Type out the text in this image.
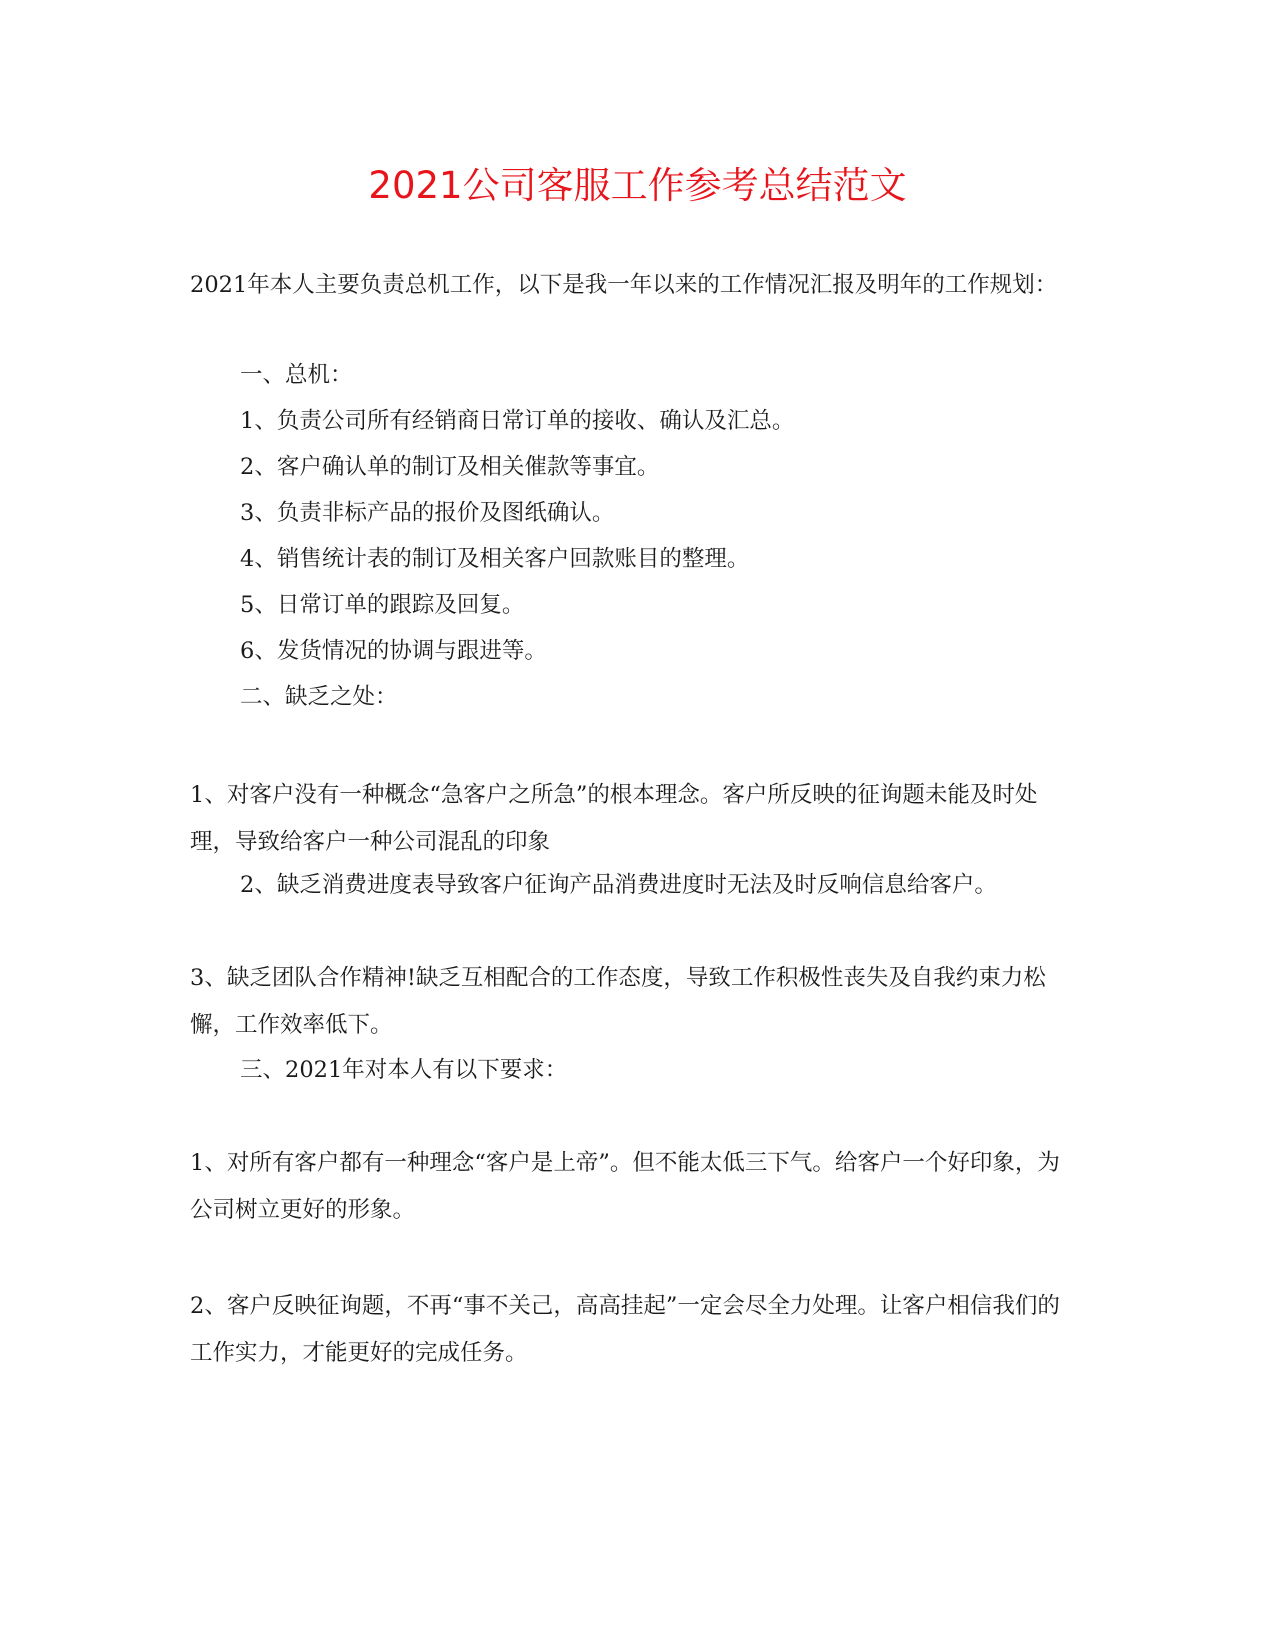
2021公司客服工作参考总结范文

2021年本人主要负责总机工作，以下是我一年以来的工作情况汇报及明年的工作规划：

一、总机：

1、负责公司所有经销商日常订单的接收、确认及汇总。

2、客户确认单的制订及相关催款等事宜。

3、负责非标产品的报价及图纸确认。

4、销售统计表的制订及相关客户回款账目的整理。

5、日常订单的跟踪及回复。

6、发货情况的协调与跟进等。

二、缺乏之处：

1、对客户没有一种概念“急客户之所急”的根本理念。客户所反映的征询题未能及时处理，导致给客户一种公司混乱的印象

2、缺乏消费进度表导致客户征询产品消费进度时无法及时反响信息给客户。

3、缺乏团队合作精神!缺乏互相配合的工作态度，导致工作积极性丧失及自我约束力松懈，工作效率低下。

三、2021年对本人有以下要求：

1、对所有客户都有一种理念“客户是上帝”。但不能太低三下气。给客户一个好印象，为公司树立更好的形象。

2、客户反映征询题，不再“事不关己，高高挂起”一定会尽全力处理。让客户相信我们的工作实力，才能更好的完成任务。
